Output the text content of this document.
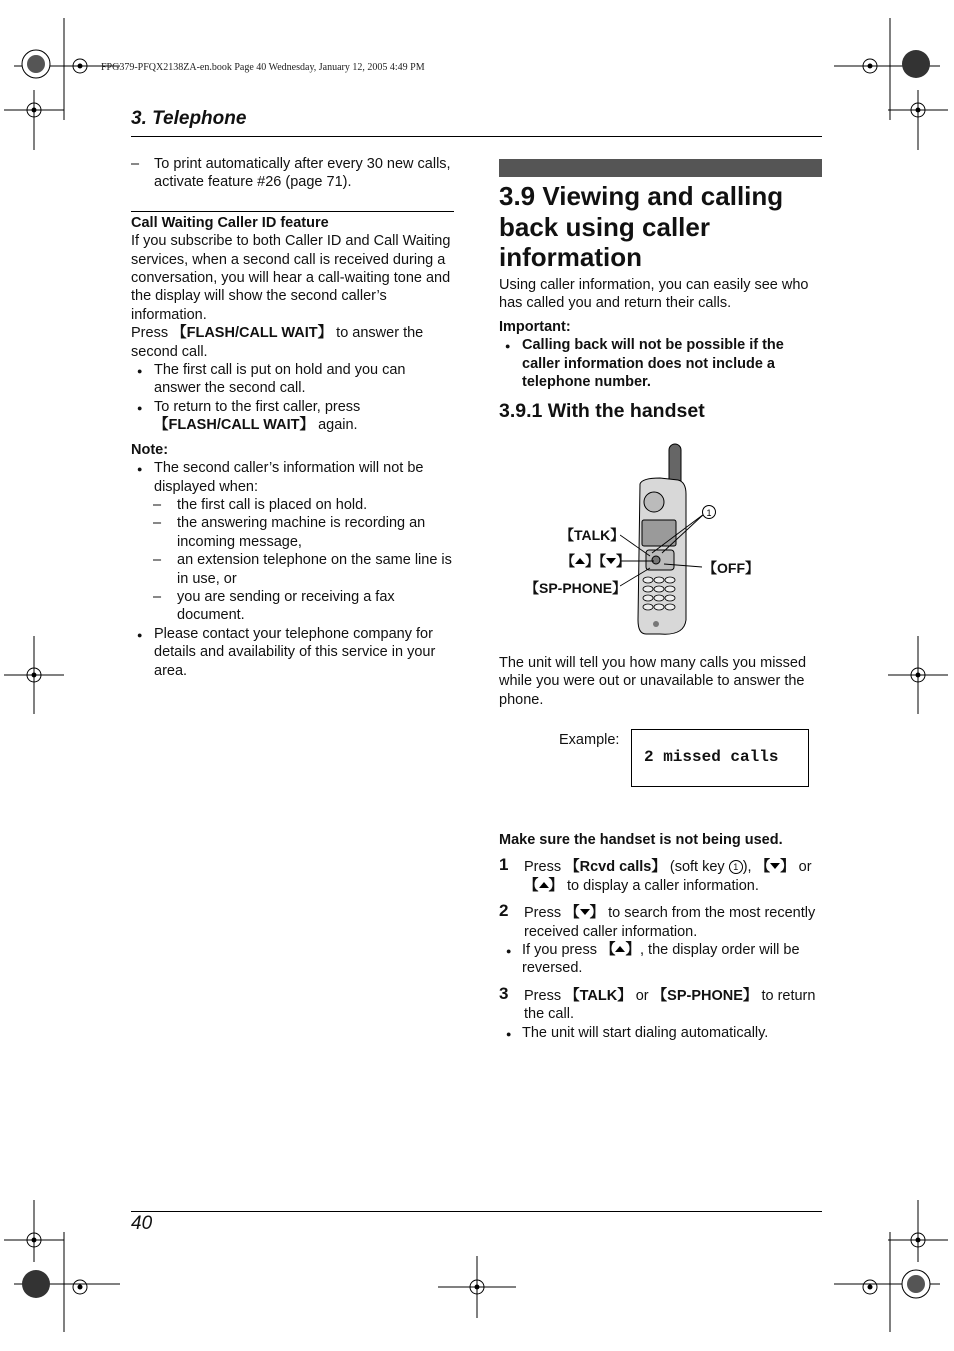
FPG379-PFQX2138ZA-en.book Page 40 Wednesday, January 12, 2005 4:49 PM
3. Telephone

– To print automatically after every 30 new calls, activate feature #26 (page 71).

Call Waiting Caller ID feature

If you subscribe to both Caller ID and Call Waiting services, when a second call is received during a conversation, you will hear a call-waiting tone and the display will show the second caller’s information.

Press 【FLASH/CALL WAIT】 to answer the second call.

● The first call is put on hold and you can answer the second call.

● To return to the first caller, press
【FLASH/CALL WAIT】 again.

Note:

● The second caller’s information will not be displayed when:

– the first call is placed on hold.

– the answering machine is recording an incoming message,

– an extension telephone on the same line is in use, or

– you are sending or receiving a fax document.

● Please contact your telephone company for details and availability of this service in your area.

3.9 Viewing and calling back using caller information

Using caller information, you can easily see who has called you and return their calls.

Important:

● Calling back will not be possible if the caller information does not include a telephone number.

3.9.1 With the handset
1
【TALK】
【 】【 】
【SP-PHONE】
【OFF】
The unit will tell you how many calls you missed while you were out or unavailable to answer the phone.
Example:
2 missed calls

Make sure the handset is not being used.

1 Press 【Rcvd calls】 (soft key 1 ), 【 】 or
【 】 to display a caller information.
2 Press 【 】 to search from the most recently received caller information.

● If you press 【 】, the display order will be reversed.

3 Press 【TALK】 or 【SP-PHONE】 to return the call.

● The unit will start dialing automatically.

40
